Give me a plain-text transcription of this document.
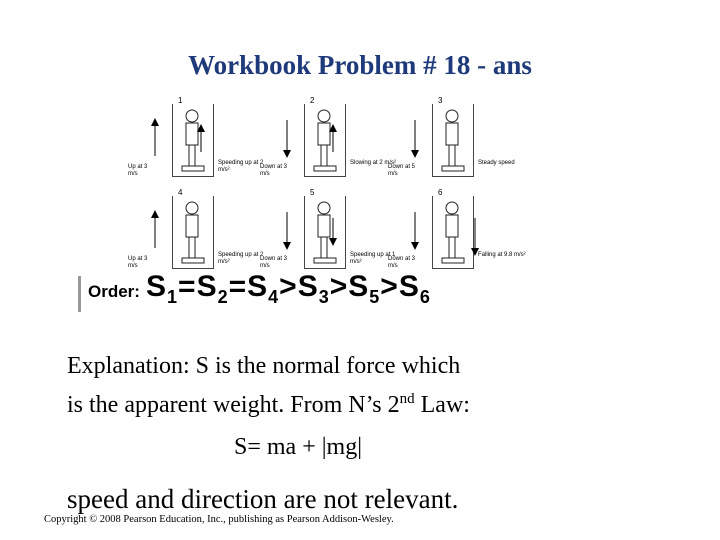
Workbook Problem # 18 - ans
1
Up at 3 m/s
Speeding up at 2 m/s²
2
Down at 3 m/s
Slowing at 2 m/s²
3
Down at 5 m/s
Steady speed
4
Up at 3 m/s
Speeding up at 2 m/s²
5
Down at 3 m/s
Speeding up at 1 m/s²
6
Down at 3 m/s
Falling at 9.8 m/s²
Order: $S_1=S_2=S_4>S_3>S_5>S_6$
Explanation: S is the normal force which
is the apparent weight. From N’s 2nd Law:
S= ma + |mg|
speed and direction are not relevant.
Copyright © 2008 Pearson Education, Inc., publishing as Pearson Addison-Wesley.
